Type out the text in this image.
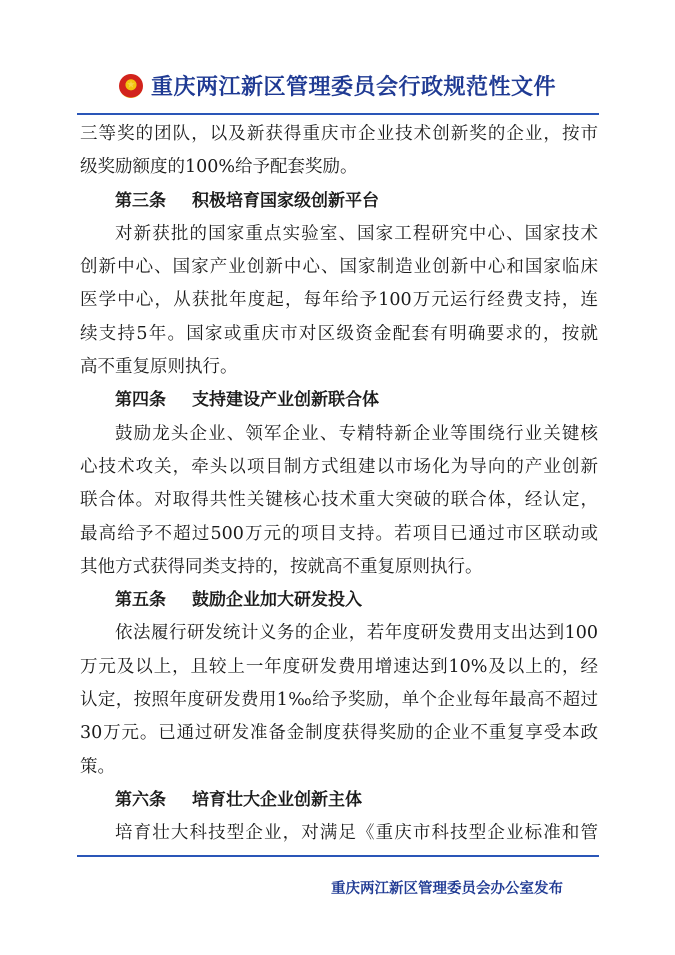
重庆两江新区管理委员会行政规范性文件
三等奖的团队，以及新获得重庆市企业技术创新奖的企业，按市
级奖励额度的100%给予配套奖励。
第三条 积极培育国家级创新平台
对新获批的国家重点实验室、国家工程研究中心、国家技术
创新中心、国家产业创新中心、国家制造业创新中心和国家临床
医学中心，从获批年度起，每年给予100万元运行经费支持，连
续支持5年。国家或重庆市对区级资金配套有明确要求的，按就
高不重复原则执行。
第四条 支持建设产业创新联合体
鼓励龙头企业、领军企业、专精特新企业等围绕行业关键核
心技术攻关，牵头以项目制方式组建以市场化为导向的产业创新
联合体。对取得共性关键核心技术重大突破的联合体，经认定，
最高给予不超过500万元的项目支持。若项目已通过市区联动或
其他方式获得同类支持的，按就高不重复原则执行。
第五条 鼓励企业加大研发投入
依法履行研发统计义务的企业，若年度研发费用支出达到100
万元及以上，且较上一年度研发费用增速达到10%及以上的，经
认定，按照年度研发费用1‰给予奖励，单个企业每年最高不超过
30万元。已通过研发准备金制度获得奖励的企业不重复享受本政
策。
第六条 培育壮大企业创新主体
培育壮大科技型企业，对满足《重庆市科技型企业标准和管
重庆两江新区管理委员会办公室发布
